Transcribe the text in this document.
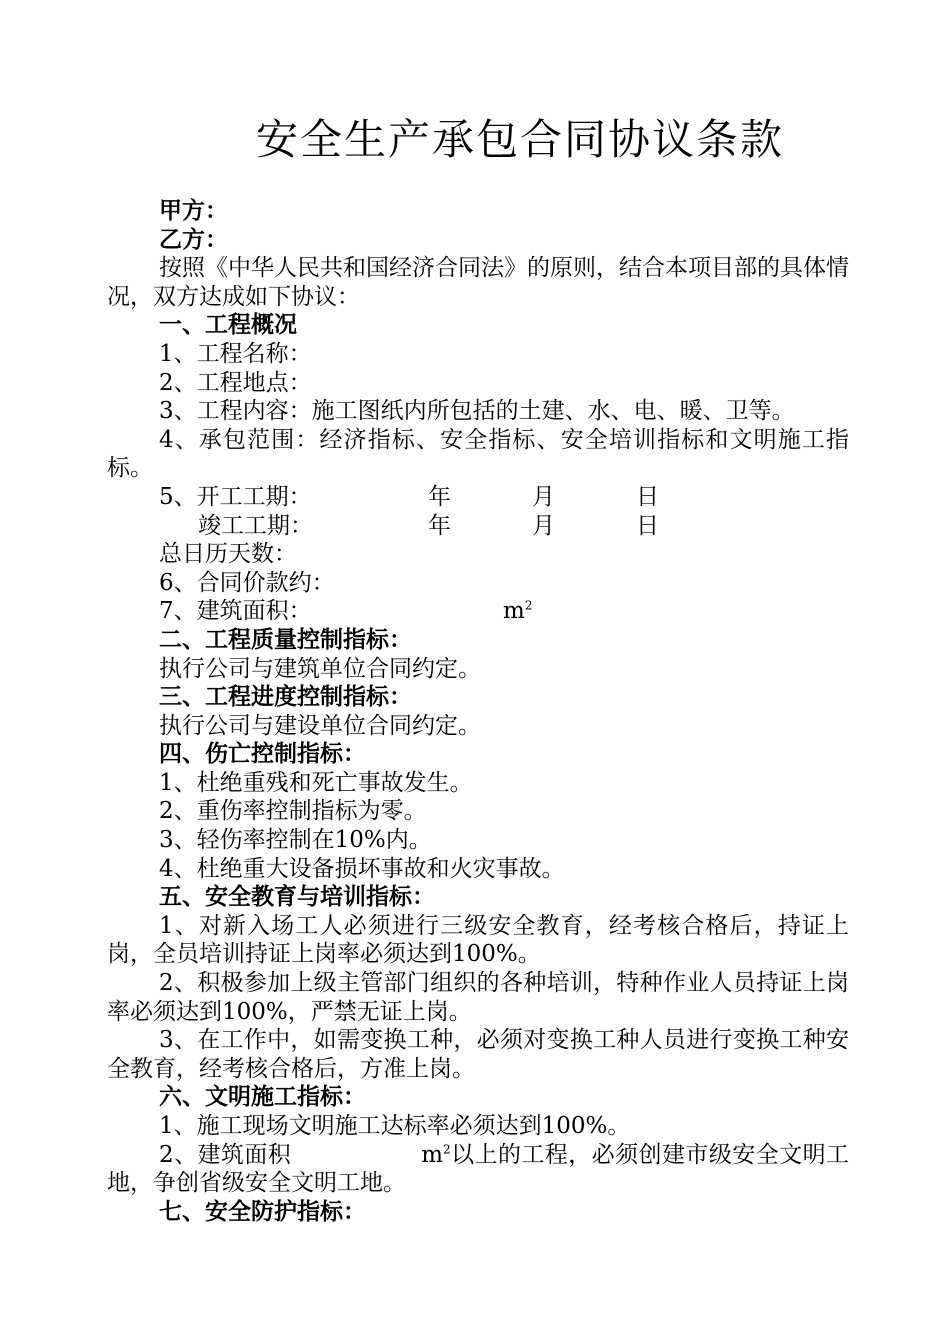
安全生产承包合同协议条款

甲方：

乙方：

按照《中华人民共和国经济合同法》的原则，结合本项目部的具体情况，双方达成如下协议：

一、工程概况

1、工程名称：

2、工程地点：

3、工程内容：施工图纸内所包括的土建、水、电、暖、卫等。

4、承包范围：经济指标、安全指标、安全培训指标和文明施工指标。

5、开工工期：	年	月	日
竣工工期：	年	月	日

总日历天数：

6、合同价款约：

7、建筑面积：	$m^2$

二、工程质量控制指标：

执行公司与建筑单位合同约定。

三、工程进度控制指标：

执行公司与建设单位合同约定。

四、伤亡控制指标：

1、杜绝重残和死亡事故发生。

2、重伤率控制指标为零。

3、轻伤率控制在10%内。

4、杜绝重大设备损坏事故和火灾事故。

五、安全教育与培训指标：

1、对新入场工人必须进行三级安全教育，经考核合格后，持证上岗，全员培训持证上岗率必须达到100%。

2、积极参加上级主管部门组织的各种培训，特种作业人员持证上岗率必须达到100%，严禁无证上岗。

3、在工作中，如需变换工种，必须对变换工种人员进行变换工种安全教育，经考核合格后，方准上岗。

六、文明施工指标：

1、施工现场文明施工达标率必须达到100%。

2、建筑面积	$m^2$以上的工程，必须创建市级安全文明工地，争创省级安全文明工地。

七、安全防护指标：
